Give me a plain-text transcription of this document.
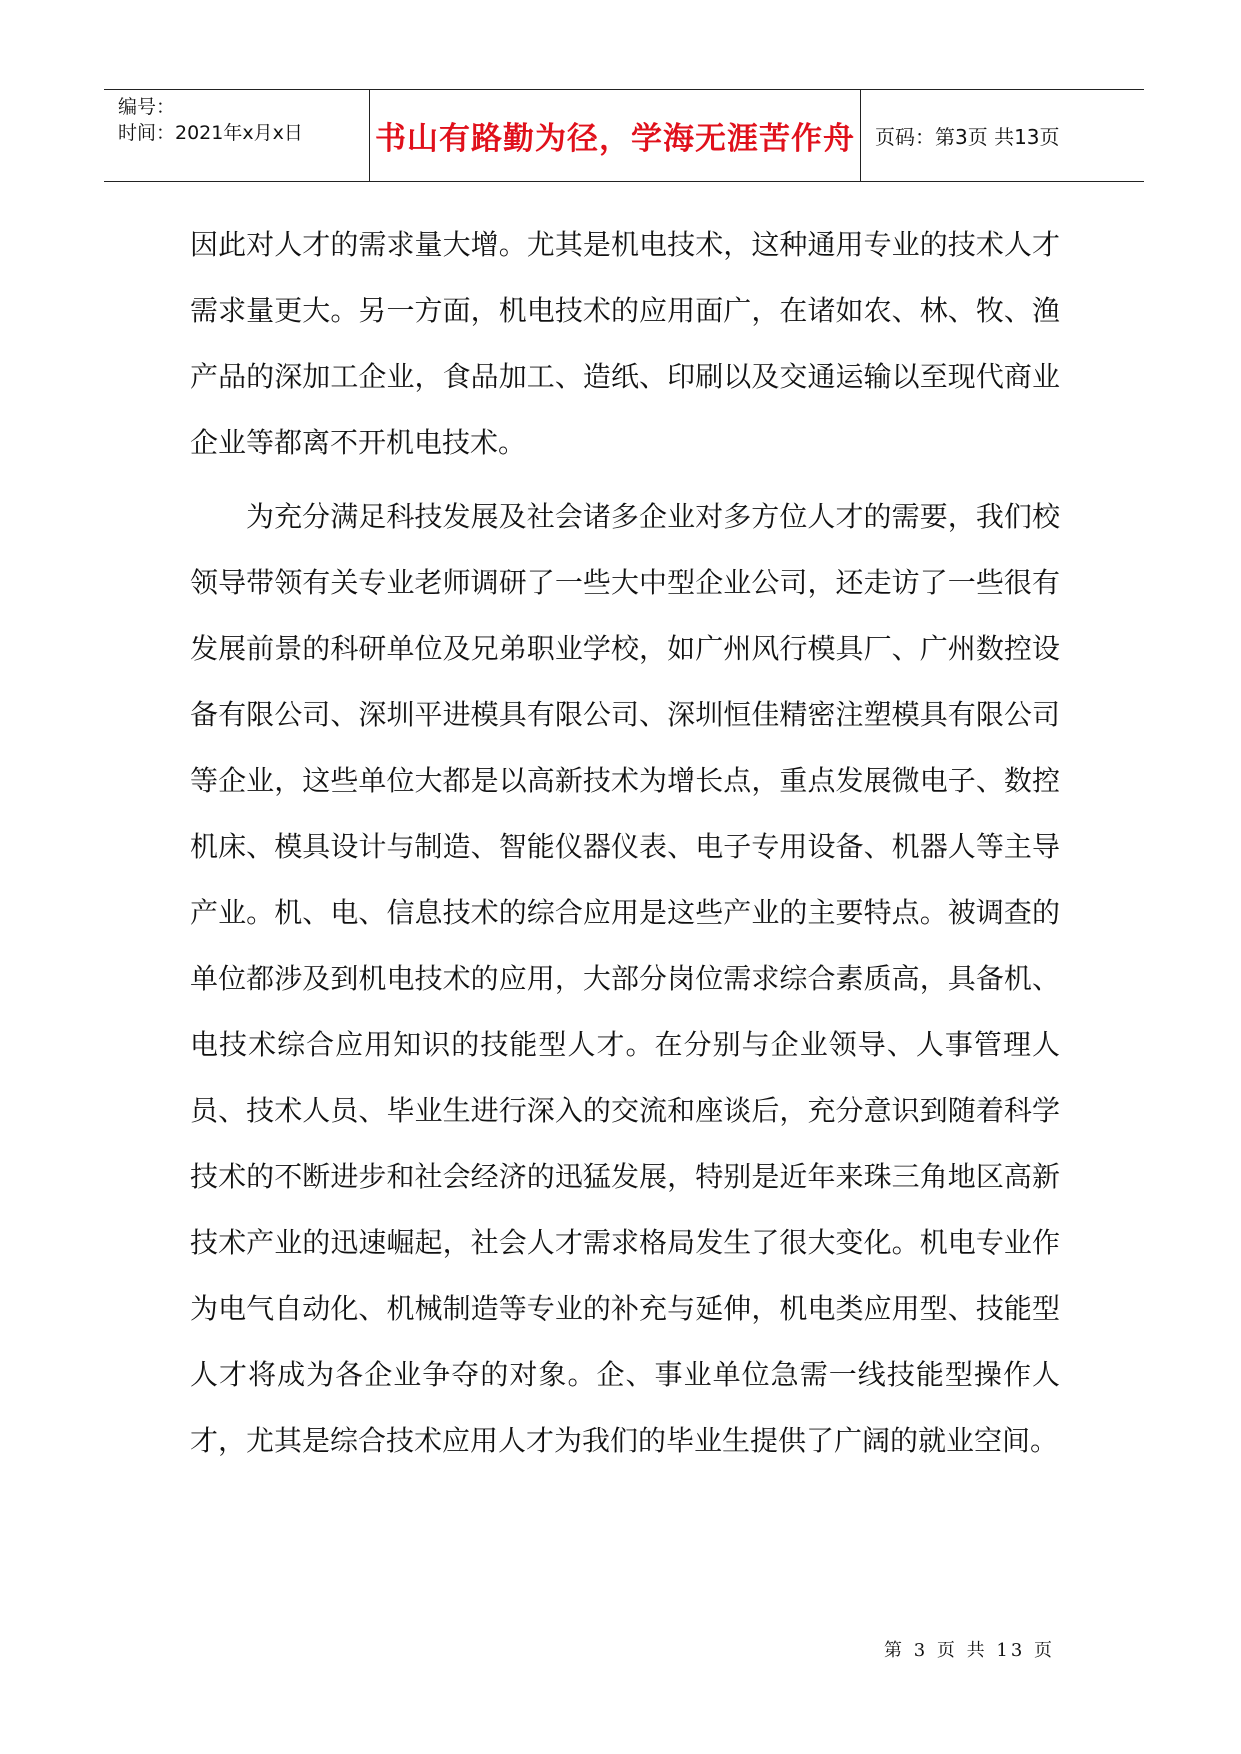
编号：
时间：2021年x月x日	书山有路勤为径，学海无涯苦作舟	页码：第3页 共13页

因此对人才的需求量大增。尤其是机电技术，这种通用专业的技术人才需求量更大。另一方面，机电技术的应用面广，在诸如农、林、牧、渔产品的深加工企业，食品加工、造纸、印刷以及交通运输以至现代商业企业等都离不开机电技术。

为充分满足科技发展及社会诸多企业对多方位人才的需要，我们校领导带领有关专业老师调研了一些大中型企业公司，还走访了一些很有发展前景的科研单位及兄弟职业学校，如广州风行模具厂、广州数控设备有限公司、深圳平进模具有限公司、深圳恒佳精密注塑模具有限公司等企业，这些单位大都是以高新技术为增长点，重点发展微电子、数控机床、模具设计与制造、智能仪器仪表、电子专用设备、机器人等主导产业。机、电、信息技术的综合应用是这些产业的主要特点。被调查的单位都涉及到机电技术的应用，大部分岗位需求综合素质高，具备机、电技术综合应用知识的技能型人才。在分别与企业领导、人事管理人员、技术人员、毕业生进行深入的交流和座谈后，充分意识到随着科学技术的不断进步和社会经济的迅猛发展，特别是近年来珠三角地区高新技术产业的迅速崛起，社会人才需求格局发生了很大变化。机电专业作为电气自动化、机械制造等专业的补充与延伸，机电类应用型、技能型人才将成为各企业争夺的对象。企、事业单位急需一线技能型操作人才，尤其是综合技术应用人才为我们的毕业生提供了广阔的就业空间。

第 3 页 共 13 页
